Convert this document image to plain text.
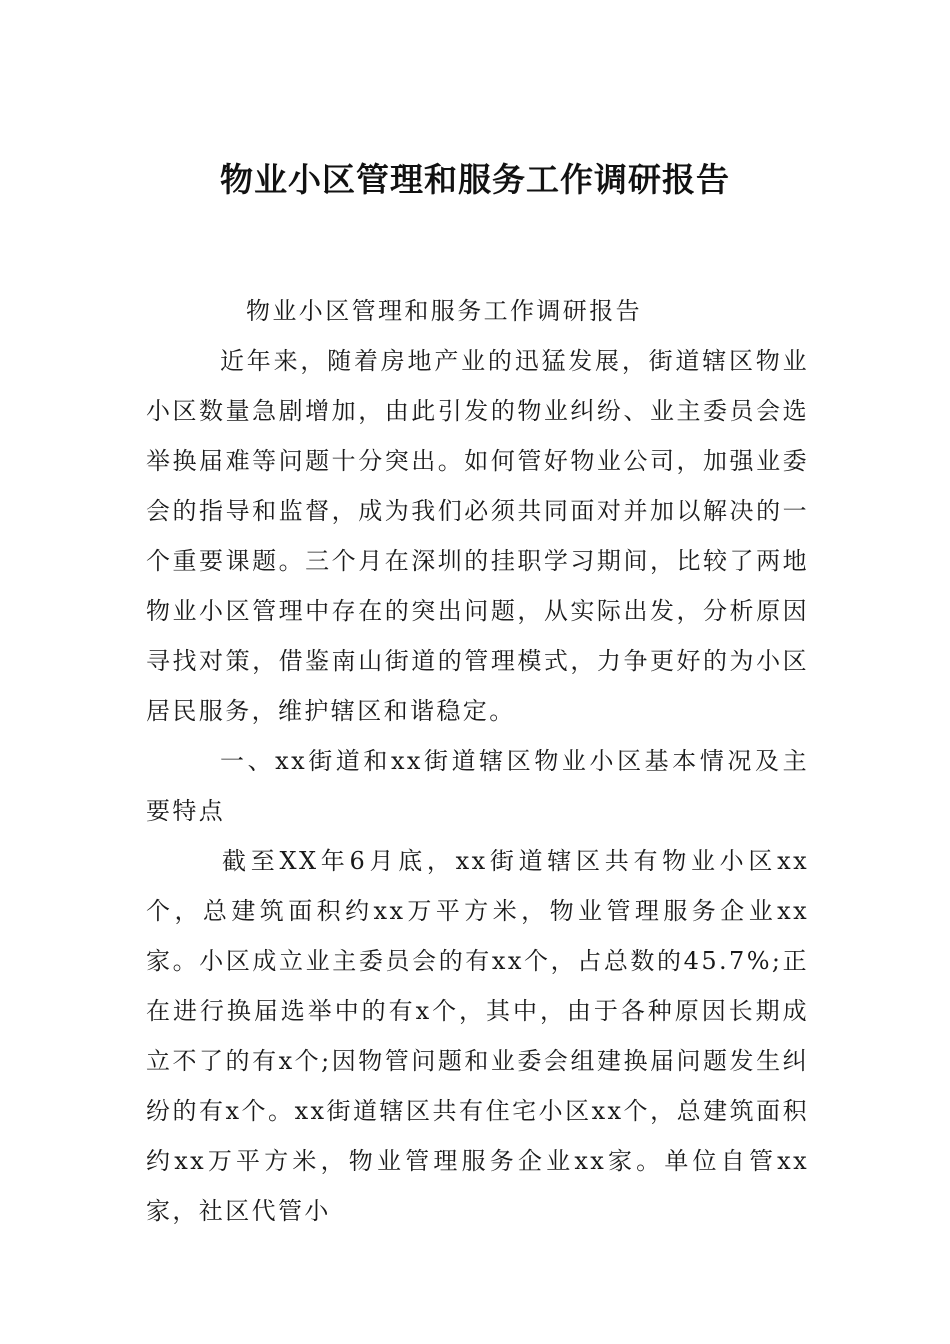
物业小区管理和服务工作调研报告

物业小区管理和服务工作调研报告

近年来，随着房地产业的迅猛发展，街道辖区物业小区数量急剧增加，由此引发的物业纠纷、业主委员会选举换届难等问题十分突出。如何管好物业公司，加强业委会的指导和监督，成为我们必须共同面对并加以解决的一个重要课题。三个月在深圳的挂职学习期间，比较了两地物业小区管理中存在的突出问题，从实际出发，分析原因寻找对策，借鉴南山街道的管理模式，力争更好的为小区居民服务，维护辖区和谐稳定。

一、xx街道和xx街道辖区物业小区基本情况及主要特点

截至XX年6月底，xx街道辖区共有物业小区xx个，总建筑面积约xx万平方米，物业管理服务企业xx家。小区成立业主委员会的有xx个，占总数的45.7%;正在进行换届选举中的有x个，其中，由于各种原因长期成立不了的有x个;因物管问题和业委会组建换届问题发生纠纷的有x个。xx街道辖区共有住宅小区xx个，总建筑面积约xx万平方米，物业管理服务企业xx家。单位自管xx家，社区代管小
